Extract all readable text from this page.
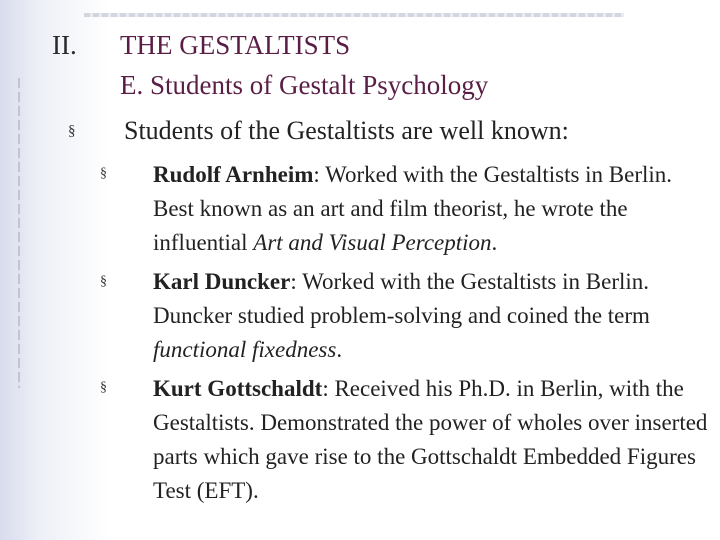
II. THE GESTALTISTS
E. Students of Gestalt Psychology
§ Students of the Gestaltists are well known:
§ Rudolf Arnheim: Worked with the Gestaltists in Berlin. Best known as an art and film theorist, he wrote the influential Art and Visual Perception.
§ Karl Duncker: Worked with the Gestaltists in Berlin. Duncker studied problem-solving and coined the term functional fixedness.
§ Kurt Gottschaldt: Received his Ph.D. in Berlin, with the Gestaltists. Demonstrated the power of wholes over inserted parts which gave rise to the Gottschaldt Embedded Figures Test (EFT).
